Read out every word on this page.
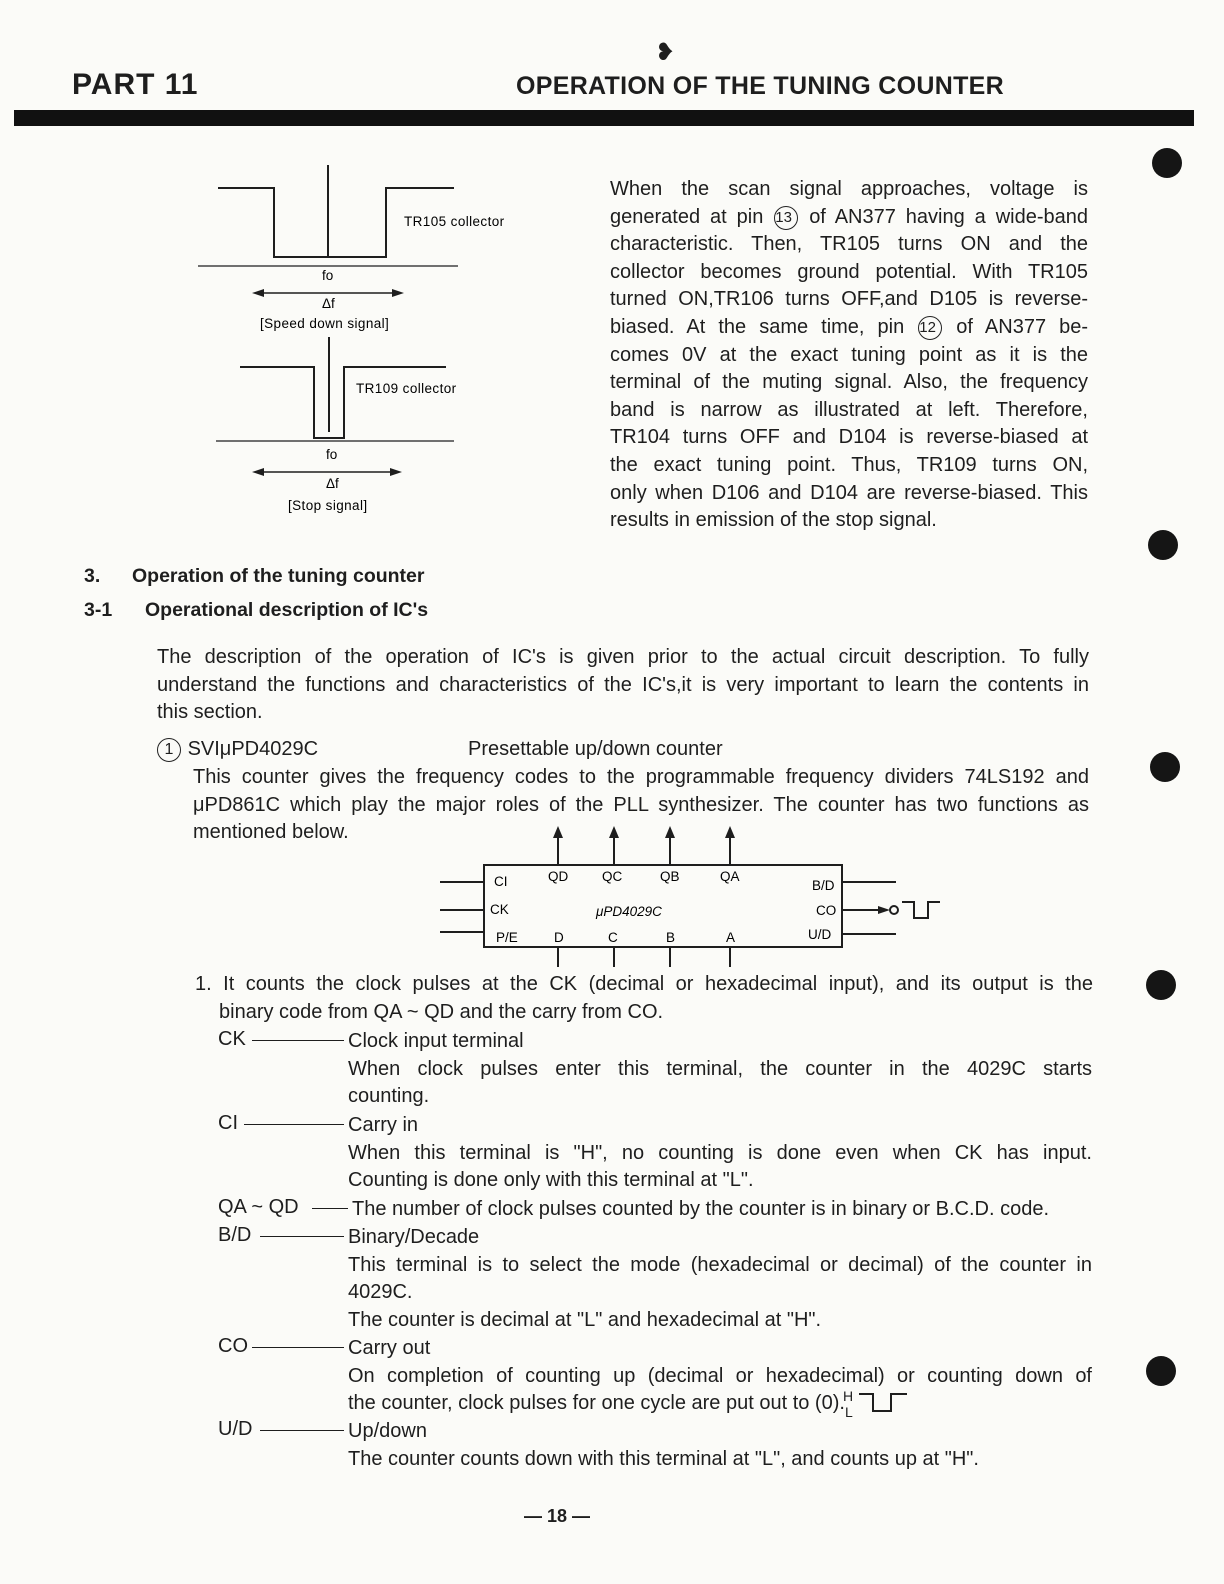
❥
PART 11	OPERATION OF THE TUNING COUNTER
TR105 collector
fo
Δf
[Speed down signal]
TR109 collector
fo
Δf
[Stop signal]
When the scan signal approaches, voltage is
generated at pin 13 of AN377 having a wide-band
characteristic. Then, TR105 turns ON and the
collector becomes ground potential. With TR105
turned ON,TR106 turns OFF,and D105 is reverse-
biased. At the same time, pin 12 of AN377 be-
comes 0V at the exact tuning point as it is the
terminal of the muting signal. Also, the frequency
band is narrow as illustrated at left. Therefore,
TR104 turns OFF and D104 is reverse-biased at
the exact tuning point. Thus, TR109 turns ON,
only when D106 and D104 are reverse-biased. This
results in emission of the stop signal.
3. Operation of the tuning counter
3-1 Operational description of IC's
The description of the operation of IC's is given prior to the actual circuit description. To fully
understand the functions and characteristics of the IC's,it is very important to learn the contents in
this section.
1 SVIμPD4029C	Presettable up/down counter
This counter gives the frequency codes to the programmable frequency dividers 74LS192 and
μPD861C which play the major roles of the PLL synthesizer. The counter has two functions as
mentioned below.
CI
CK
P/E
B/D
CO
U/D
QD	QC	QB	QA
D	C	B	A
μPD4029C
1. It counts the clock pulses at the CK (decimal or hexadecimal input), and its output is the
binary code from QA ~ QD and the carry from CO.
CK	Clock input terminal
When clock pulses enter this terminal, the counter in the 4029C starts
counting.
CI	Carry in
When this terminal is "H", no counting is done even when CK has input.
Counting is done only with this terminal at "L".
QA ~ QD	The number of clock pulses counted by the counter is in binary or B.C.D. code.
B/D	Binary/Decade
This terminal is to select the mode (hexadecimal or decimal) of the counter in
4029C.
The counter is decimal at "L" and hexadecimal at "H".
CO	Carry out
On completion of counting up (decimal or hexadecimal) or counting down of
the counter, clock pulses for one cycle are put out to (0).
H
L
U/D	Up/down
The counter counts down with this terminal at "L", and counts up at "H".
— 18 —
